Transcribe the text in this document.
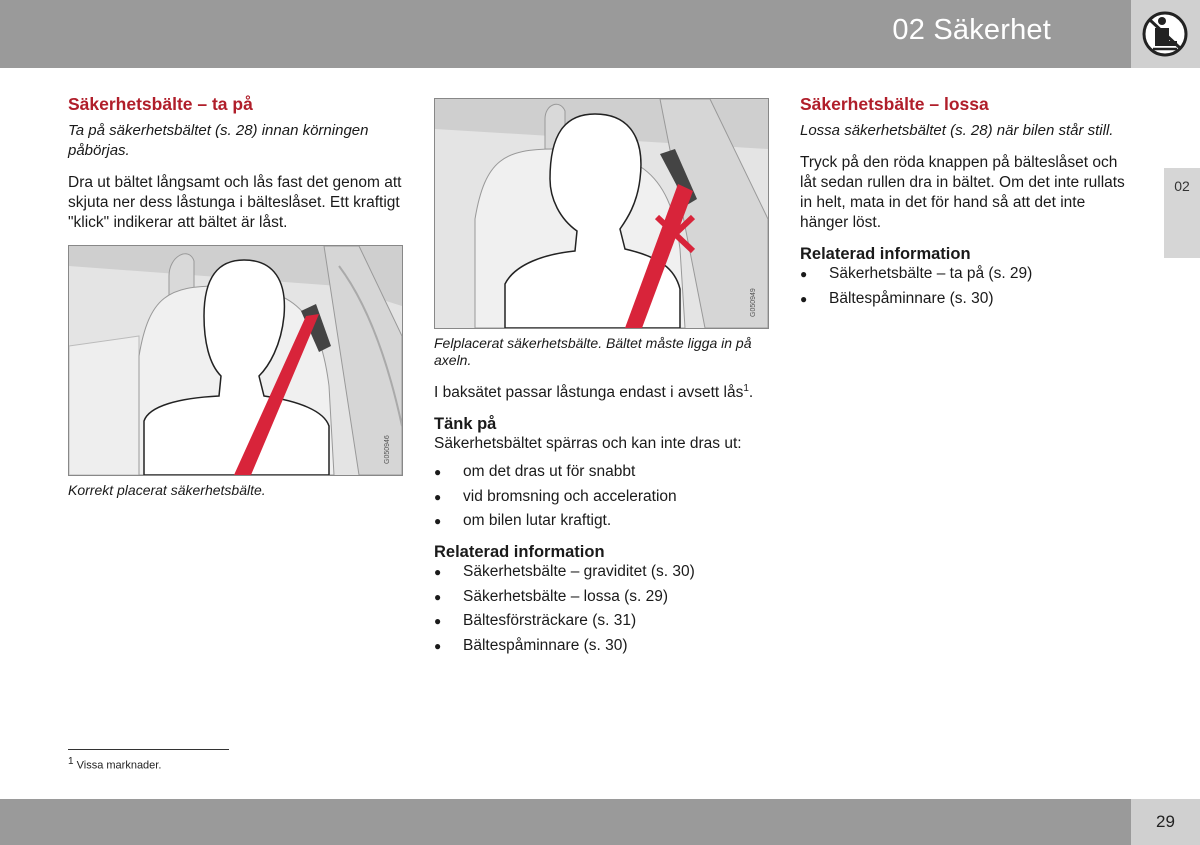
02 Säkerhet
02
Säkerhetsbälte – ta på

Ta på säkerhetsbältet (s. 28) innan körningen påbörjas.

Dra ut bältet långsamt och lås fast det genom att skjuta ner dess låstunga i bälteslåset. Ett kraftigt "klick" indikerar att bältet är låst.

G050946

Korrekt placerat säkerhetsbälte.

G050949

Felplacerat säkerhetsbälte. Bältet måste ligga in på axeln.

I baksätet passar låstunga endast i avsett lås$^1$.

Tänk på

Säkerhetsbältet spärras och kan inte dras ut:

● om det dras ut för snabbt
● vid bromsning och acceleration
● om bilen lutar kraftigt.
Relaterad information
● Säkerhetsbälte – graviditet (s. 30)
● Säkerhetsbälte – lossa (s. 29)
● Bältesförsträckare (s. 31)
● Bältespåminnare (s. 30)
Säkerhetsbälte – lossa

Lossa säkerhetsbältet (s. 28) när bilen står still.

Tryck på den röda knappen på bälteslåset och låt sedan rullen dra in bältet. Om det inte rullats in helt, mata in det för hand så att det inte hänger löst.

Relaterad information
● Säkerhetsbälte – ta på (s. 29)
● Bältespåminnare (s. 30)
$^1$ Vissa marknader.
29
